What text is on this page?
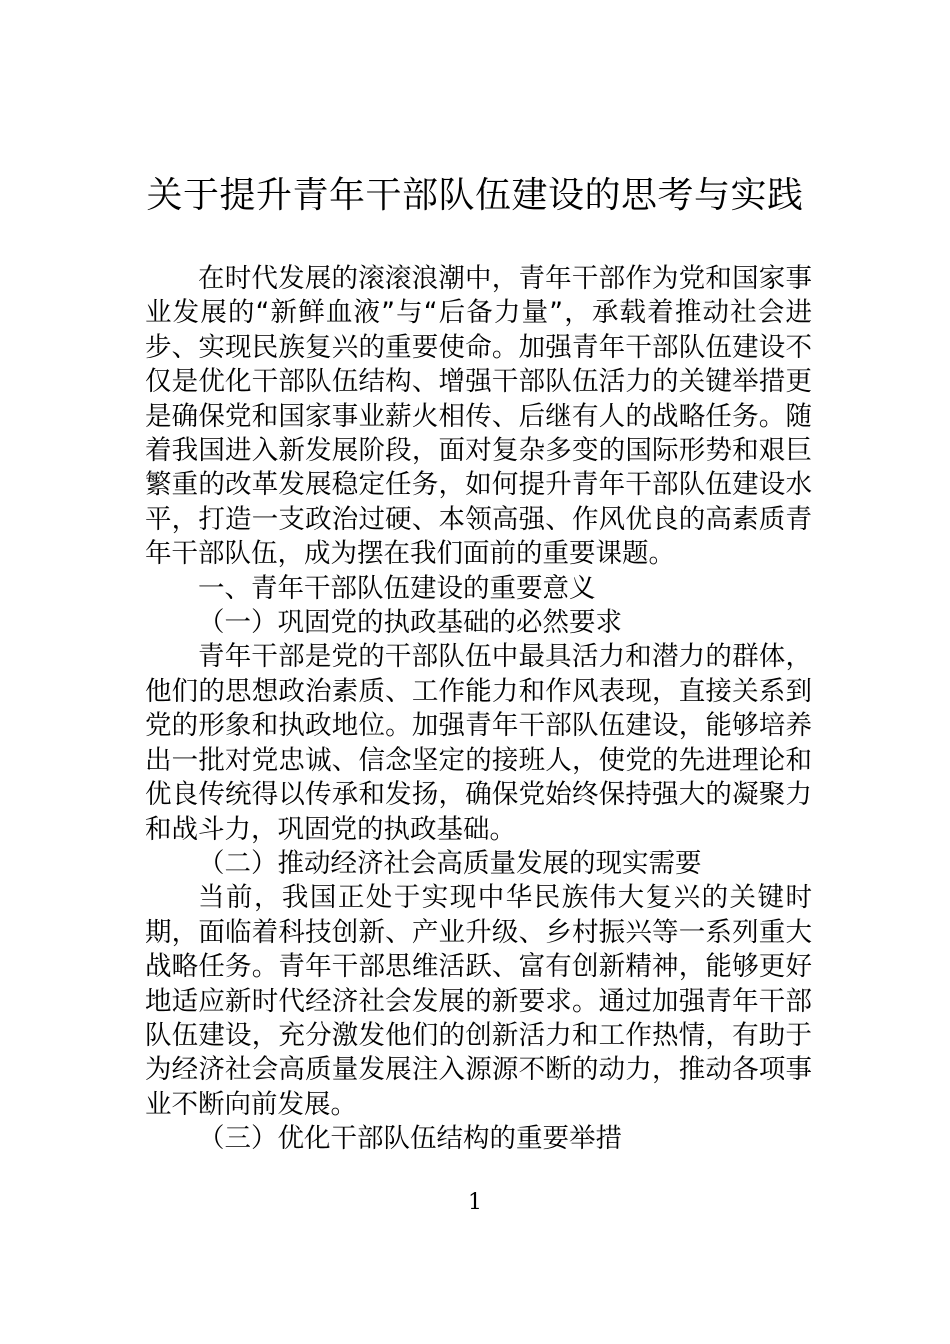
关于提升青年干部队伍建设的思考与实践

在时代发展的滚滚浪潮中，青年干部作为党和国家事业发展的“新鲜血液”与“后备力量”，承载着推动社会进步、实现民族复兴的重要使命。加强青年干部队伍建设不仅是优化干部队伍结构、增强干部队伍活力的关键举措更是确保党和国家事业薪火相传、后继有人的战略任务。随着我国进入新发展阶段，面对复杂多变的国际形势和艰巨繁重的改革发展稳定任务，如何提升青年干部队伍建设水平，打造一支政治过硬、本领高强、作风优良的高素质青年干部队伍，成为摆在我们面前的重要课题。

一、青年干部队伍建设的重要意义

（一）巩固党的执政基础的必然要求

青年干部是党的干部队伍中最具活力和潜力的群体，他们的思想政治素质、工作能力和作风表现，直接关系到党的形象和执政地位。加强青年干部队伍建设，能够培养出一批对党忠诚、信念坚定的接班人，使党的先进理论和优良传统得以传承和发扬，确保党始终保持强大的凝聚力和战斗力，巩固党的执政基础。

（二）推动经济社会高质量发展的现实需要

当前，我国正处于实现中华民族伟大复兴的关键时期，面临着科技创新、产业升级、乡村振兴等一系列重大战略任务。青年干部思维活跃、富有创新精神，能够更好地适应新时代经济社会发展的新要求。通过加强青年干部队伍建设，充分激发他们的创新活力和工作热情，有助于为经济社会高质量发展注入源源不断的动力，推动各项事业不断向前发展。

（三）优化干部队伍结构的重要举措

1
